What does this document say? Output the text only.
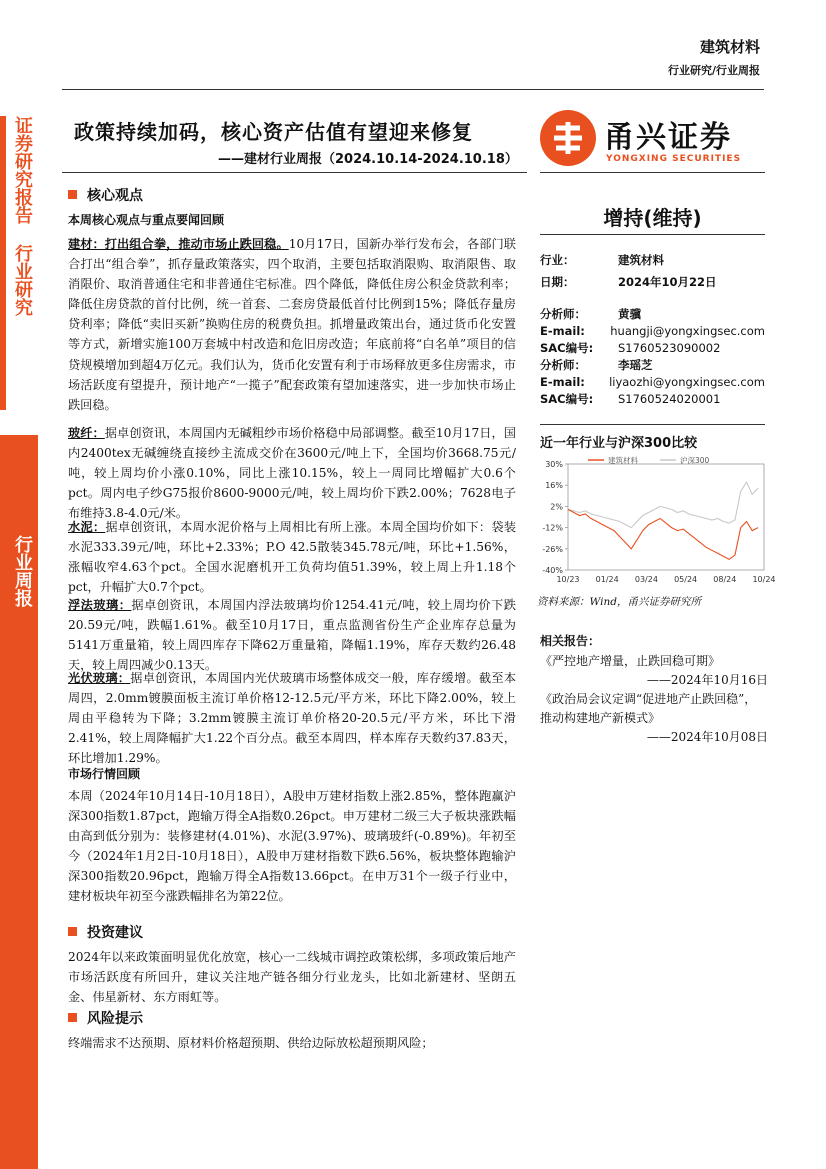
建筑材料
行业研究/行业周报
证券研究报告
行业研究
行业周报
政策持续加码，核心资产估值有望迎来修复
——建材行业周报（2024.10.14-2024.10.18）
甬兴证券
YONGXING SECURITIES
核心观点
本周核心观点与重点要闻回顾
建材：打出组合拳，推动市场止跌回稳。10月17日，国新办举行发布会，各部门联合打出“组合拳”，抓存量政策落实，四个取消，主要包括取消限购、取消限售、取消限价、取消普通住宅和非普通住宅标准。四个降低，降低住房公积金贷款利率；降低住房贷款的首付比例，统一首套、二套房贷最低首付比例到15%；降低存量房贷利率；降低“卖旧买新”换购住房的税费负担。抓增量政策出台，通过货币化安置等方式，新增实施100万套城中村改造和危旧房改造；年底前将“白名单”项目的信贷规模增加到超4万亿元。我们认为，货币化安置有利于市场释放更多住房需求，市场活跃度有望提升，预计地产“一揽子”配套政策有望加速落实，进一步加快市场止跌回稳。
玻纤：据卓创资讯，本周国内无碱粗纱市场价格稳中局部调整。截至10月17日，国内2400tex无碱缠绕直接纱主流成交价在3600元/吨上下，全国均价3668.75元/吨，较上周均价小涨0.10%，同比上涨10.15%，较上一周同比增幅扩大0.6个pct。周内电子纱G75报价8600-9000元/吨，较上周均价下跌2.00%；7628电子布维持3.8-4.0元/米。
水泥：据卓创资讯，本周水泥价格与上周相比有所上涨。本周全国均价如下：袋装水泥333.39元/吨，环比+2.33%；P.O 42.5散装345.78元/吨，环比+1.56%，涨幅收窄4.63个pct。全国水泥磨机开工负荷均值51.39%，较上周上升1.18个pct，升幅扩大0.7个pct。
浮法玻璃：据卓创资讯，本周国内浮法玻璃均价1254.41元/吨，较上周均价下跌20.59元/吨，跌幅1.61%。截至10月17日，重点监测省份生产企业库存总量为5141万重量箱，较上周四库存下降62万重量箱，降幅1.19%，库存天数约26.48天，较上周四减少0.13天。
光伏玻璃：据卓创资讯，本周国内光伏玻璃市场整体成交一般，库存缓增。截至本周四，2.0mm镀膜面板主流订单价格12-12.5元/平方米，环比下降2.00%，较上周由平稳转为下降；3.2mm镀膜主流订单价格20-20.5元/平方米，环比下滑2.41%，较上周降幅扩大1.22个百分点。截至本周四，样本库存天数约37.83天，环比增加1.29%。
市场行情回顾
本周（2024年10月14日-10月18日），A股申万建材指数上涨2.85%，整体跑赢沪深300指数1.87pct，跑输万得全A指数0.26pct。申万建材二级三大子板块涨跌幅由高到低分别为：装修建材(4.01%)、水泥(3.97%)、玻璃玻纤(-0.89%)。年初至今（2024年1月2日-10月18日），A股申万建材指数下跌6.56%，板块整体跑输沪深300指数20.96pct，跑输万得全A指数13.66pct。在申万31个一级子行业中，建材板块年初至今涨跌幅排名为第22位。
投资建议
2024年以来政策面明显优化放宽，核心一二线城市调控政策松绑，多项政策后地产市场活跃度有所回升，建议关注地产链各细分行业龙头，比如北新建材、坚朗五金、伟星新材、东方雨虹等。
风险提示
终端需求不达预期、原材料价格超预期、供给边际放松超预期风险；
增持(维持)
行业：	建筑材料
日期：	2024年10月22日
分析师：	黄骥
E-mail:	huangji@yongxingsec.com
SAC编号:	S1760523090002
分析师：	李瑶芝
E-mail:	liyaozhi@yongxingsec.com
SAC编号:	S1760524020001
近一年行业与沪深300比较
30%
16%
2%
-12%
-26%
-40%
10/23 01/24 03/24 05/24 08/24 10/24
建筑材料	沪深300
资料来源：Wind，甬兴证券研究所
相关报告：
《严控地产增量，止跌回稳可期》
——2024年10月16日
《政治局会议定调“促进地产止跌回稳”，推动构建地产新模式》
——2024年10月08日
